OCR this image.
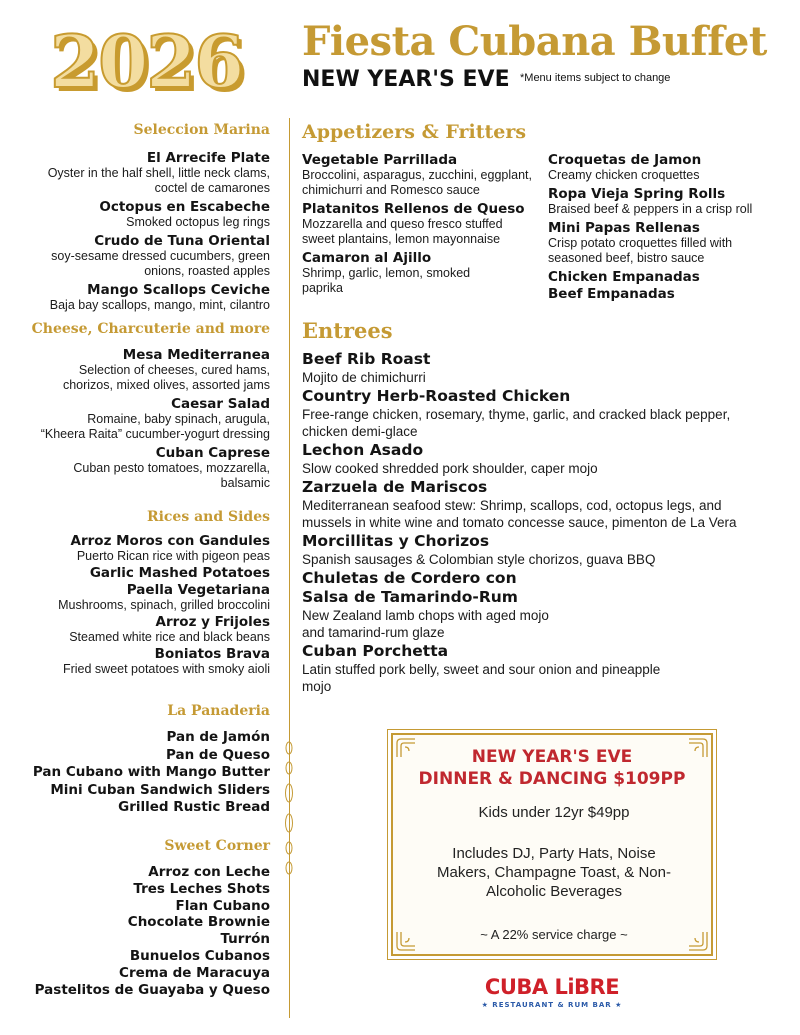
2026 Fiesta Cubana Buffet
NEW YEAR'S EVE *Menu items subject to change
Seleccion Marina
El Arrecife Plate
Oyster in the half shell, little neck clams, coctel de camarones
Octopus en Escabeche
Smoked octopus leg rings
Crudo de Tuna Oriental
soy-sesame dressed cucumbers, green onions, roasted apples
Mango Scallops Ceviche
Baja bay scallops, mango, mint, cilantro
Cheese, Charcuterie and more
Mesa Mediterranea
Selection of cheeses, cured hams, chorizos, mixed olives, assorted jams
Caesar Salad
Romaine, baby spinach, arugula, “Kheera Raita” cucumber-yogurt dressing
Cuban Caprese
Cuban pesto tomatoes, mozzarella, balsamic
Rices and Sides
Arroz Moros con Gandules
Puerto Rican rice with pigeon peas
Garlic Mashed Potatoes
Paella Vegetariana
Mushrooms, spinach, grilled broccolini
Arroz y Frijoles
Steamed white rice and black beans
Boniatos Brava
Fried sweet potatoes with smoky aioli
La Panaderia
Pan de Jamón
Pan de Queso
Pan Cubano with Mango Butter
Mini Cuban Sandwich Sliders
Grilled Rustic Bread
Sweet Corner
Arroz con Leche
Tres Leches Shots
Flan Cubano
Chocolate Brownie
Turrón
Bunuelos Cubanos
Crema de Maracuya
Pastelitos de Guayaba y Queso
Appetizers & Fritters
Vegetable Parrillada
Broccolini, asparagus, zucchini, eggplant, chimichurri and Romesco sauce
Platanitos Rellenos de Queso
Mozzarella and queso fresco stuffed sweet plantains, lemon mayonnaise
Camaron al Ajillo
Shrimp, garlic, lemon, smoked paprika
Croquetas de Jamon
Creamy chicken croquettes
Ropa Vieja Spring Rolls
Braised beef & peppers in a crisp roll
Mini Papas Rellenas
Crisp potato croquettes filled with seasoned beef, bistro sauce
Chicken Empanadas
Beef Empanadas
Entrees
Beef Rib Roast
Mojito de chimichurri
Country Herb-Roasted Chicken
Free-range chicken, rosemary, thyme, garlic, and cracked black pepper, chicken demi-glace
Lechon Asado
Slow cooked shredded pork shoulder, caper mojo
Zarzuela de Mariscos
Mediterranean seafood stew: Shrimp, scallops, cod, octopus legs, and mussels in white wine and tomato concesse sauce, pimenton de La Vera
Morcillitas y Chorizos
Spanish sausages & Colombian style chorizos, guava BBQ
Chuletas de Cordero con Salsa de Tamarindo-Rum
New Zealand lamb chops with aged mojo and tamarind-rum glaze
Cuban Porchetta
Latin stuffed pork belly, sweet and sour onion and pineapple mojo
NEW YEAR'S EVE
DINNER & DANCING $109PP
Kids under 12yr $49pp
Includes DJ, Party Hats, Noise Makers, Champagne Toast, & Non-Alcoholic Beverages
~ A 22% service charge ~
CUBA LiBRE
★ RESTAURANT & RUM BAR ★
